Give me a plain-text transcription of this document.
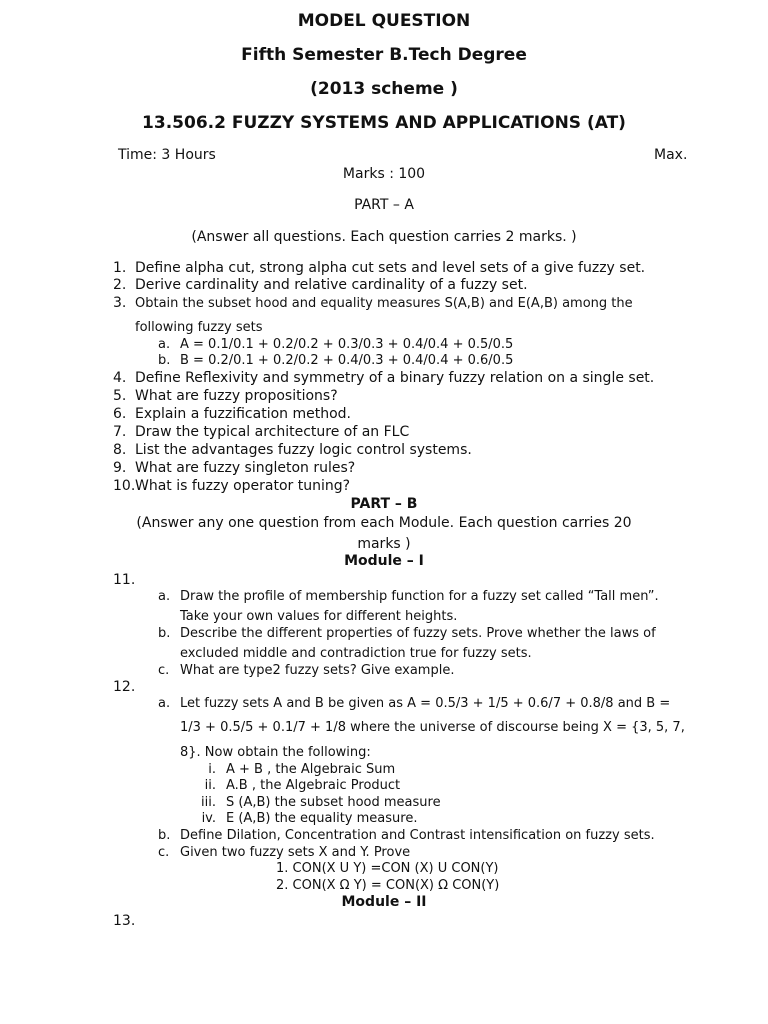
MODEL QUESTION
Fifth Semester B.Tech Degree
(2013 scheme )
13.506.2 FUZZY SYSTEMS AND APPLICATIONS (AT)
Time: 3 Hours	Max.
Marks : 100
PART – A
(Answer all questions. Each question carries 2 marks. )
1. Define alpha cut, strong alpha cut sets and level sets of a give fuzzy set.
2. Derive cardinality and relative cardinality of a fuzzy set.
3. Obtain the subset hood and equality measures S(A,B) and E(A,B) among the
following fuzzy sets
a. A = 0.1/0.1 + 0.2/0.2 + 0.3/0.3 + 0.4/0.4 + 0.5/0.5
b. B = 0.2/0.1 + 0.2/0.2 + 0.4/0.3 + 0.4/0.4 + 0.6/0.5
4. Define Reflexivity and symmetry of a binary fuzzy relation on a single set.
5. What are fuzzy propositions?
6. Explain a fuzzification method.
7. Draw the typical architecture of an FLC
8. List the advantages fuzzy logic control systems.
9. What are fuzzy singleton rules?
10. What is fuzzy operator tuning?
PART – B
(Answer any one question from each Module. Each question carries 20
marks )
Module – I
11.
a. Draw the profile of membership function for a fuzzy set called “Tall men”.
Take your own values for different heights.
b. Describe the different properties of fuzzy sets. Prove whether the laws of
excluded middle and contradiction true for fuzzy sets.
c. What are type2 fuzzy sets? Give example.
12.
a. Let fuzzy sets A and B be given as A = 0.5/3 + 1/5 + 0.6/7 + 0.8/8 and B =
1/3 + 0.5/5 + 0.1/7 + 1/8 where the universe of discourse being X = {3, 5, 7,
8}. Now obtain the following:
i. A + B , the Algebraic Sum
ii. A.B , the Algebraic Product
iii. S (A,B) the subset hood measure
iv. E (A,B) the equality measure.
b. Define Dilation, Concentration and Contrast intensification on fuzzy sets.
c. Given two fuzzy sets X and Y. Prove
1. CON(X U Y) =CON (X) U CON(Y)
2. CON(X Ω Y) = CON(X) Ω CON(Y)
Module – II
13.
